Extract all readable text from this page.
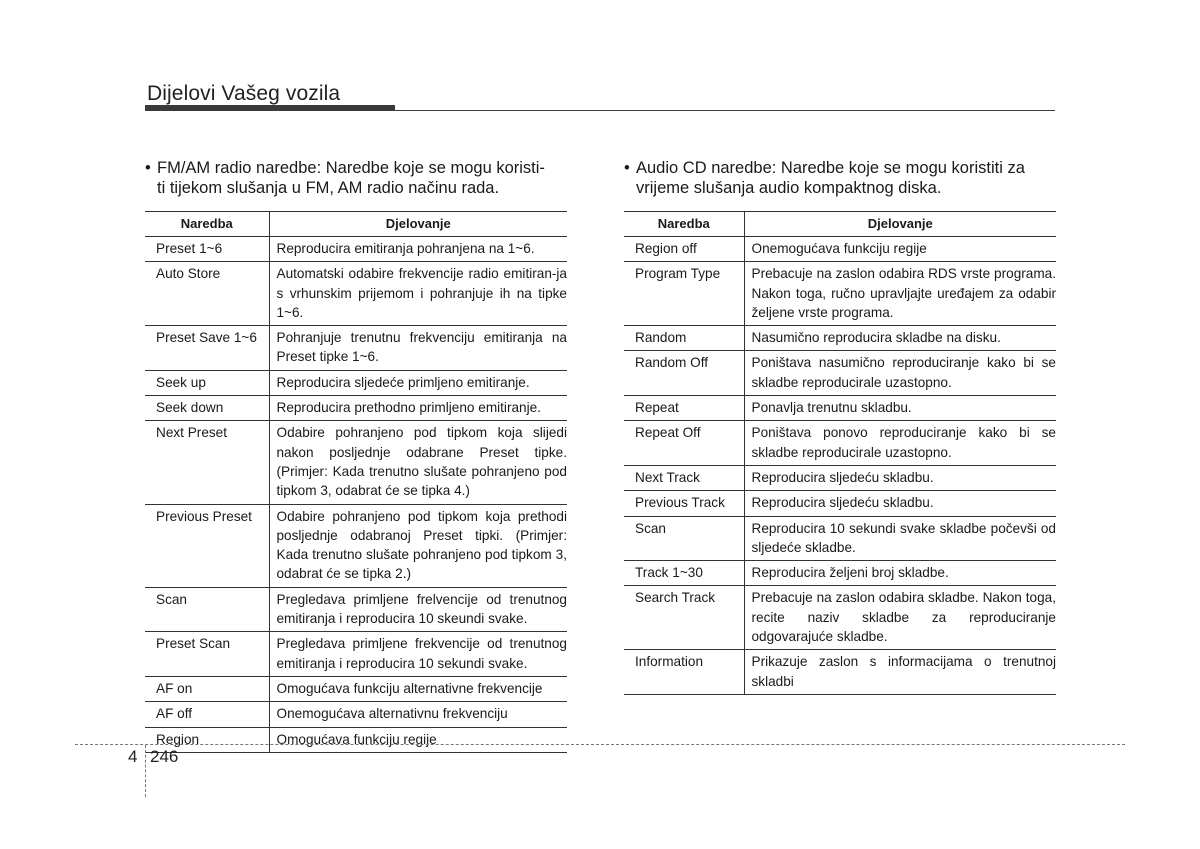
Dijelovi Vašeg vozila
• FM/AM radio naredbe: Naredbe koje se mogu koristi-
ti tijekom slušanja u FM, AM radio načinu rada.
Naredba	Djelovanje
Preset 1~6	Reproducira emitiranja pohranjena na 1~6.
Auto Store	Automatski odabire frekvencije radio emitiran-ja s vrhunskim prijemom i pohranjuje ih na tipke 1~6.
Preset Save 1~6	Pohranjuje trenutnu frekvenciju emitiranja na Preset tipke 1~6.
Seek up	Reproducira sljedeće primljeno emitiranje.
Seek down	Reproducira prethodno primljeno emitiranje.
Next Preset	Odabire pohranjeno pod tipkom koja slijedi nakon posljednje odabrane Preset tipke. (Primjer: Kada trenutno slušate pohranjeno pod tipkom 3, odabrat će se tipka 4.)
Previous Preset	Odabire pohranjeno pod tipkom koja prethodi posljednje odabranoj Preset tipki. (Primjer: Kada trenutno slušate pohranjeno pod tipkom 3, odabrat će se tipka 2.)
Scan	Pregledava primljene frelvencije od trenutnog emitiranja i reproducira 10 skeundi svake.
Preset Scan	Pregledava primljene frekvencije od trenutnog emitiranja i reproducira 10 sekundi svake.
AF on	Omogućava funkciju alternativne frekvencije
AF off	Onemogućava alternativnu frekvenciju
Region	Omogućava funkciju regije
• Audio CD naredbe: Naredbe koje se mogu koristiti za
vrijeme slušanja audio kompaktnog diska.
Naredba	Djelovanje
Region off	Onemogućava funkciju regije
Program Type	Prebacuje na zaslon odabira RDS vrste programa. Nakon toga, ručno upravljajte uređajem za odabir željene vrste programa.
Random	Nasumično reproducira skladbe na disku.
Random Off	Poništava nasumično reproduciranje kako bi se skladbe reproducirale uzastopno.
Repeat	Ponavlja trenutnu skladbu.
Repeat Off	Poništava ponovo reproduciranje kako bi se skladbe reproducirale uzastopno.
Next Track	Reproducira sljedeću skladbu.
Previous Track	Reproducira sljedeću skladbu.
Scan	Reproducira 10 sekundi svake skladbe počevši od sljedeće skladbe.
Track 1~30	Reproducira željeni broj skladbe.
Search Track	Prebacuje na zaslon odabira skladbe. Nakon toga, recite naziv skladbe za reproduciranje odgovarajuće skladbe.
Information	Prikazuje zaslon s informacijama o trenutnoj skladbi
4 246
